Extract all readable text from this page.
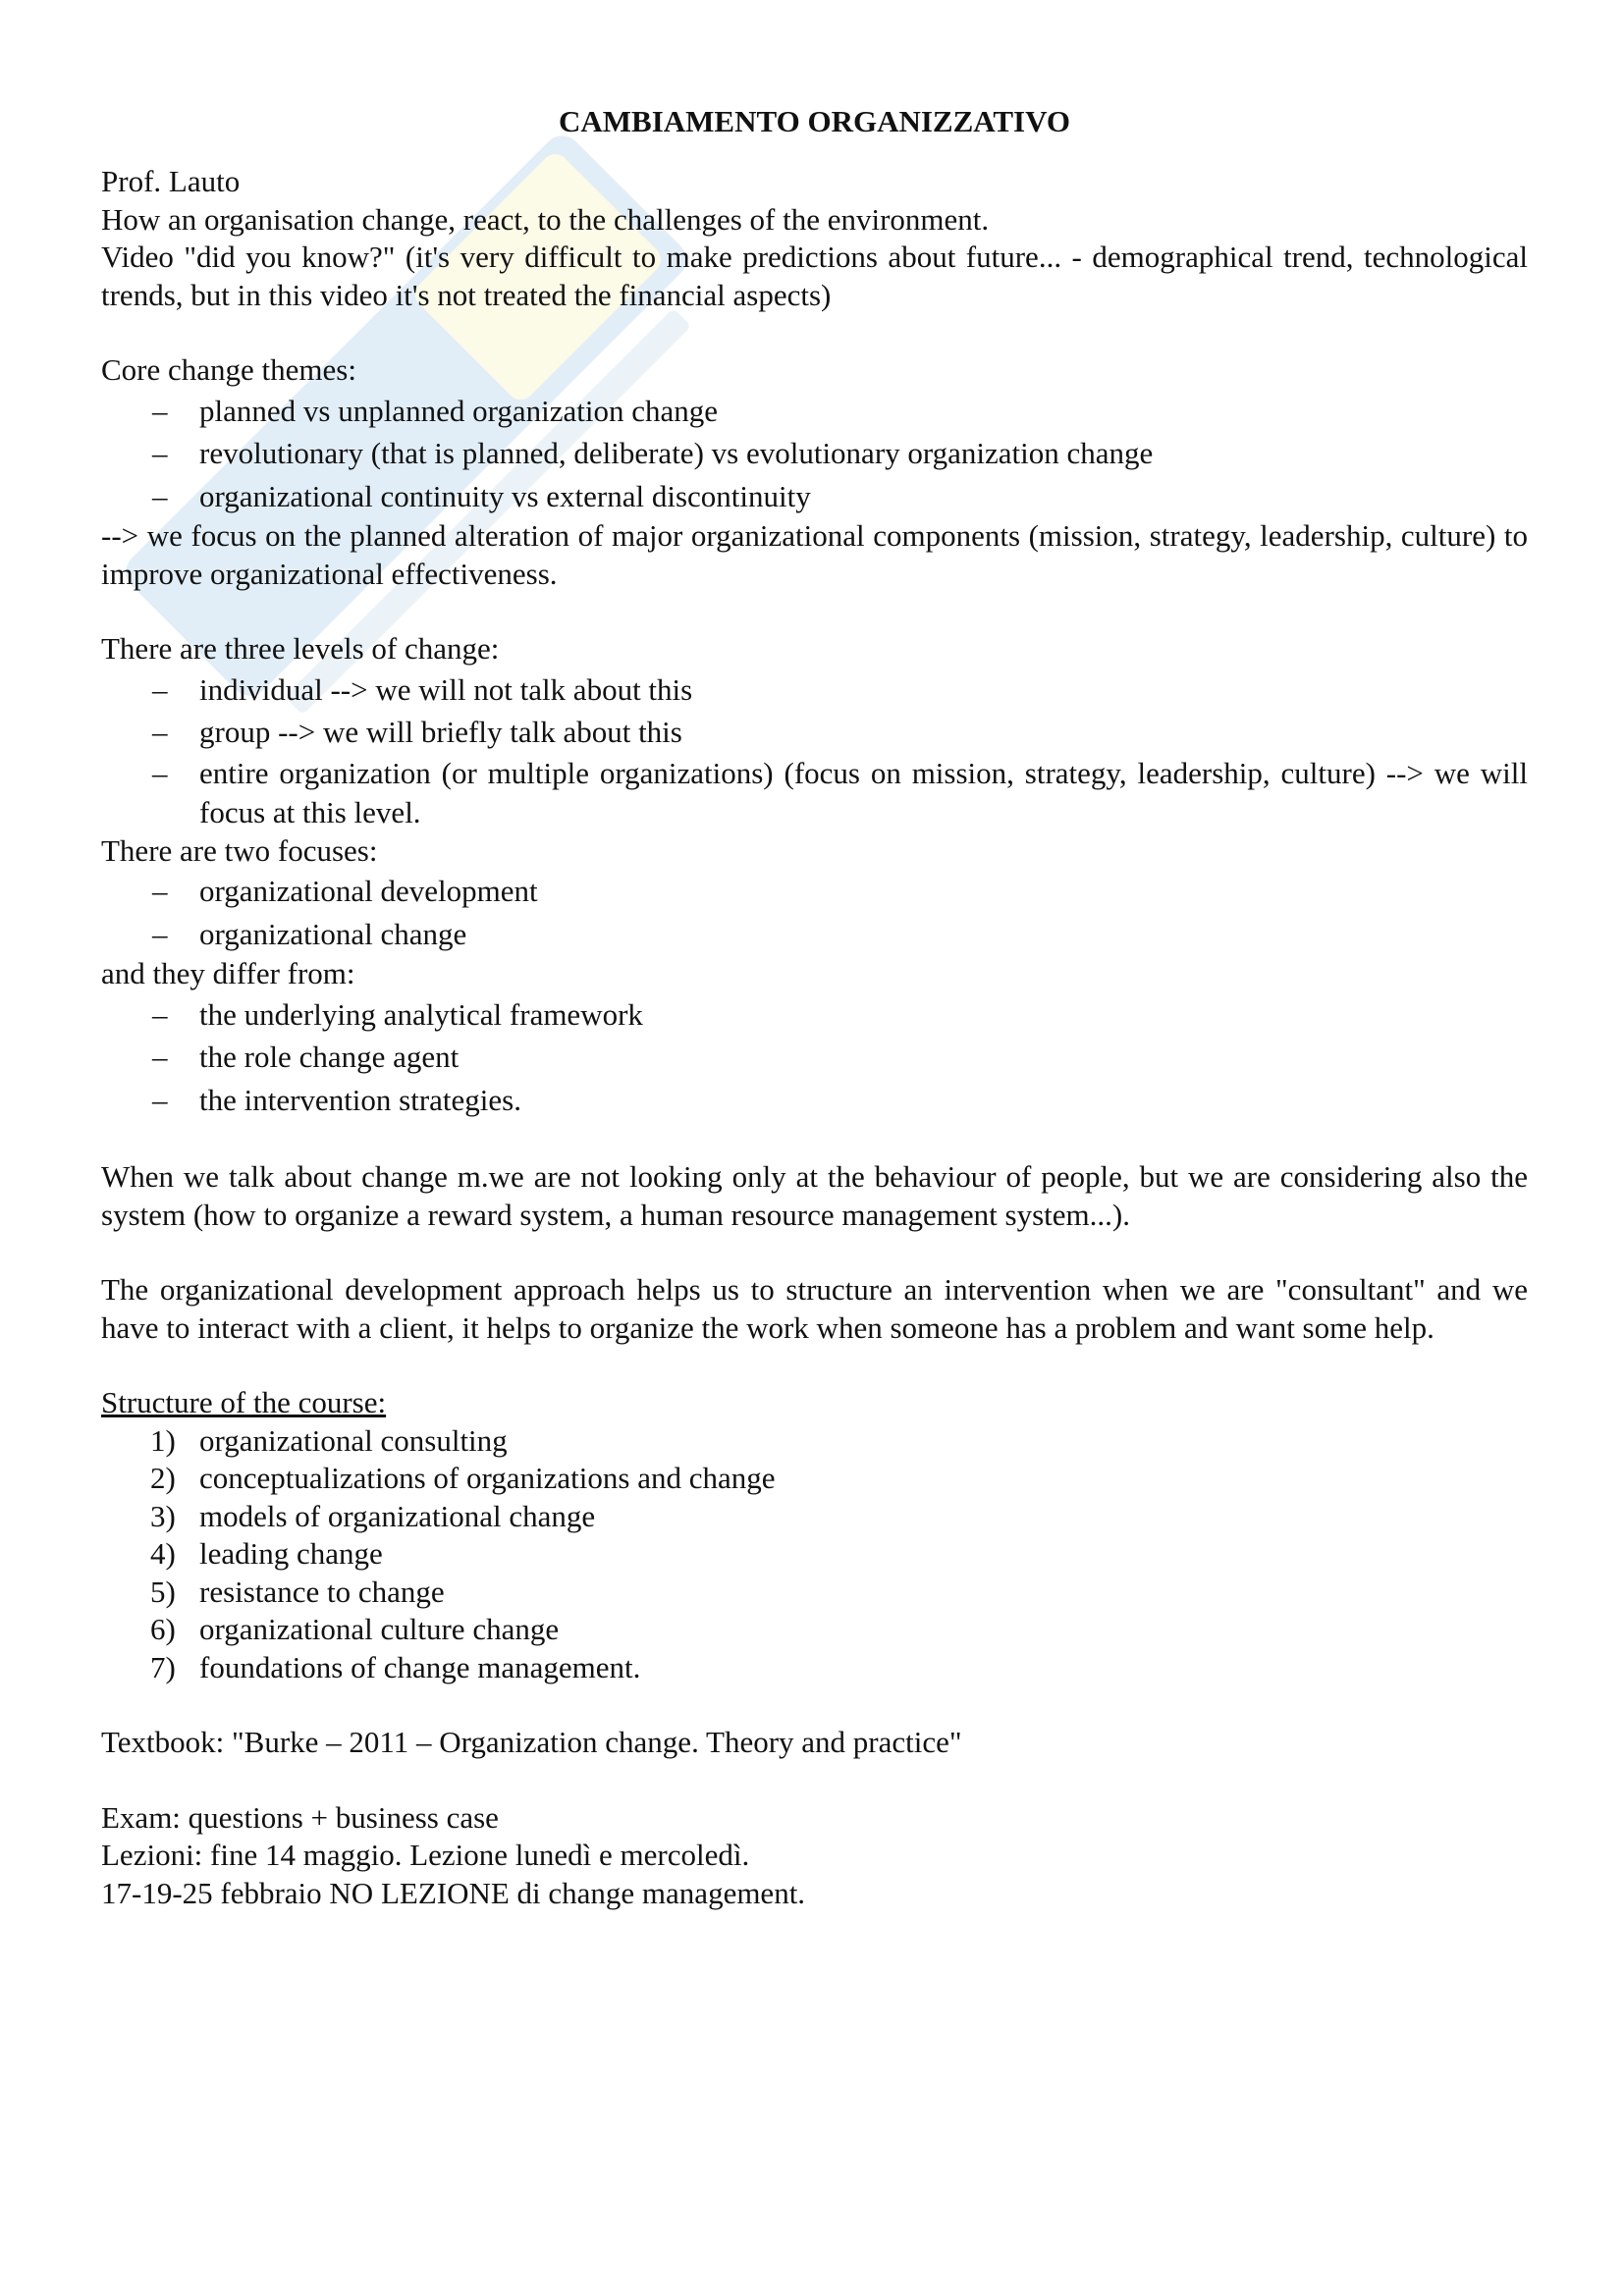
CAMBIAMENTO ORGANIZZATIVO

Prof. Lauto

How an organisation change, react, to the challenges of the environment.

Video "did you know?" (it's very difficult to make predictions about future... - demographical trend, technological trends, but in this video it's not treated the financial aspects)

Core change themes:

– planned vs unplanned organization change
– revolutionary (that is planned, deliberate) vs evolutionary organization change
– organizational continuity vs external discontinuity

--> we focus on the planned alteration of major organizational components (mission, strategy, leadership, culture) to improve organizational effectiveness.

There are three levels of change:

– individual --> we will not talk about this
– group --> we will briefly talk about this
– entire organization (or multiple organizations) (focus on mission, strategy, leadership, culture) --> we will focus at this level.

There are two focuses:

– organizational development
– organizational change

and they differ from:

– the underlying analytical framework
– the role change agent
– the intervention strategies.

When we talk about change m.we are not looking only at the behaviour of people, but we are considering also the system (how to organize a reward system, a human resource management system...).

The organizational development approach helps us to structure an intervention when we are "consultant" and we have to interact with a client, it helps to organize the work when someone has a problem and want some help.

Structure of the course:

1) organizational consulting
2) conceptualizations of organizations and change
3) models of organizational change
4) leading change
5) resistance to change
6) organizational culture change
7) foundations of change management.

Textbook: "Burke – 2011 – Organization change. Theory and practice"

Exam: questions + business case

Lezioni: fine 14 maggio. Lezione lunedì e mercoledì.

17-19-25 febbraio NO LEZIONE di change management.
